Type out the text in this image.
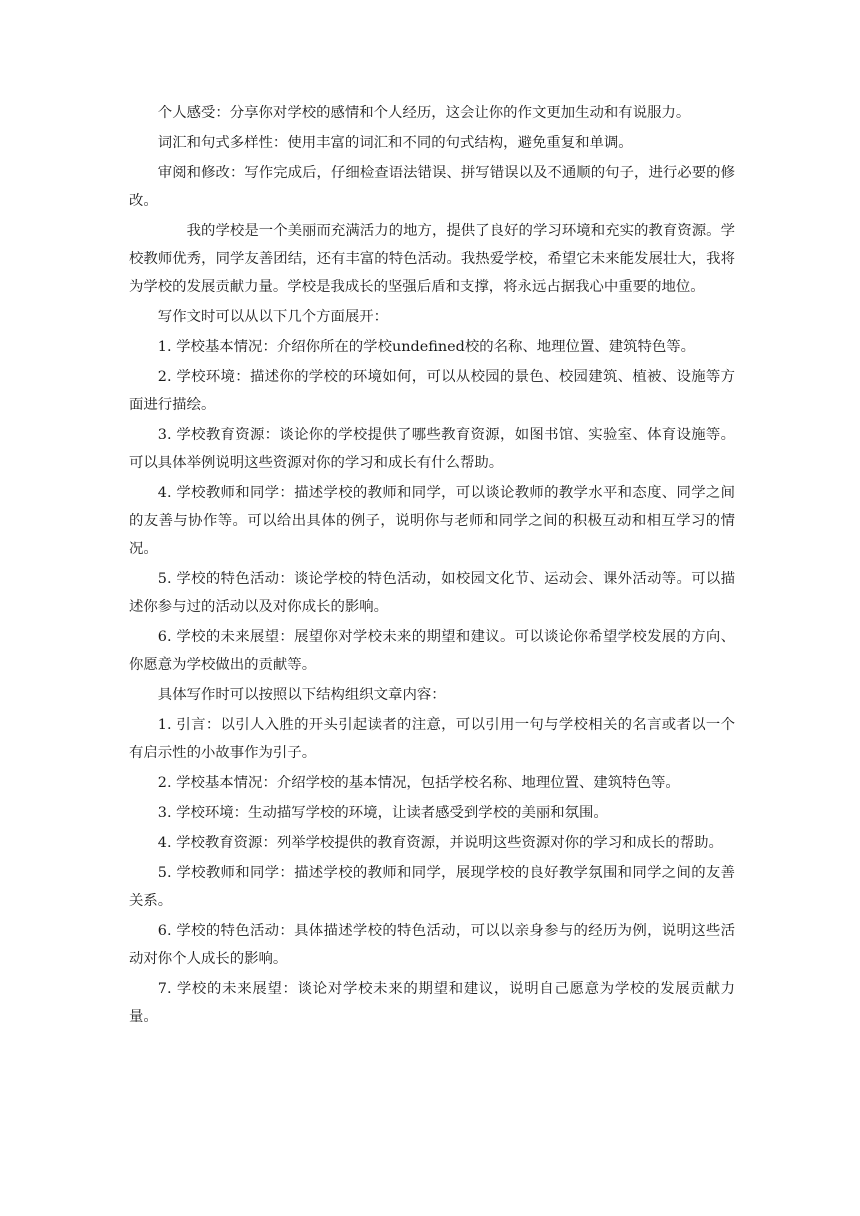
个人感受：分享你对学校的感情和个人经历，这会让你的作文更加生动和有说服力。

词汇和句式多样性：使用丰富的词汇和不同的句式结构，避免重复和单调。

审阅和修改：写作完成后，仔细检查语法错误、拼写错误以及不通顺的句子，进行必要的修改。

我的学校是一个美丽而充满活力的地方，提供了良好的学习环境和充实的教育资源。学校教师优秀，同学友善团结，还有丰富的特色活动。我热爱学校，希望它未来能发展壮大，我将为学校的发展贡献力量。学校是我成长的坚强后盾和支撑，将永远占据我心中重要的地位。

写作文时可以从以下几个方面展开：

1. 学校基本情况：介绍你所在的学校undefined校的名称、地理位置、建筑特色等。

2. 学校环境：描述你的学校的环境如何，可以从校园的景色、校园建筑、植被、设施等方面进行描绘。

3. 学校教育资源：谈论你的学校提供了哪些教育资源，如图书馆、实验室、体育设施等。可以具体举例说明这些资源对你的学习和成长有什么帮助。

4. 学校教师和同学：描述学校的教师和同学，可以谈论教师的教学水平和态度、同学之间的友善与协作等。可以给出具体的例子，说明你与老师和同学之间的积极互动和相互学习的情况。

5. 学校的特色活动：谈论学校的特色活动，如校园文化节、运动会、课外活动等。可以描述你参与过的活动以及对你成长的影响。

6. 学校的未来展望：展望你对学校未来的期望和建议。可以谈论你希望学校发展的方向、你愿意为学校做出的贡献等。

具体写作时可以按照以下结构组织文章内容：

1. 引言：以引人入胜的开头引起读者的注意，可以引用一句与学校相关的名言或者以一个有启示性的小故事作为引子。

2. 学校基本情况：介绍学校的基本情况，包括学校名称、地理位置、建筑特色等。

3. 学校环境：生动描写学校的环境，让读者感受到学校的美丽和氛围。

4. 学校教育资源：列举学校提供的教育资源，并说明这些资源对你的学习和成长的帮助。

5. 学校教师和同学：描述学校的教师和同学，展现学校的良好教学氛围和同学之间的友善关系。

6. 学校的特色活动：具体描述学校的特色活动，可以以亲身参与的经历为例，说明这些活动对你个人成长的影响。

7. 学校的未来展望：谈论对学校未来的期望和建议，说明自己愿意为学校的发展贡献力量。
